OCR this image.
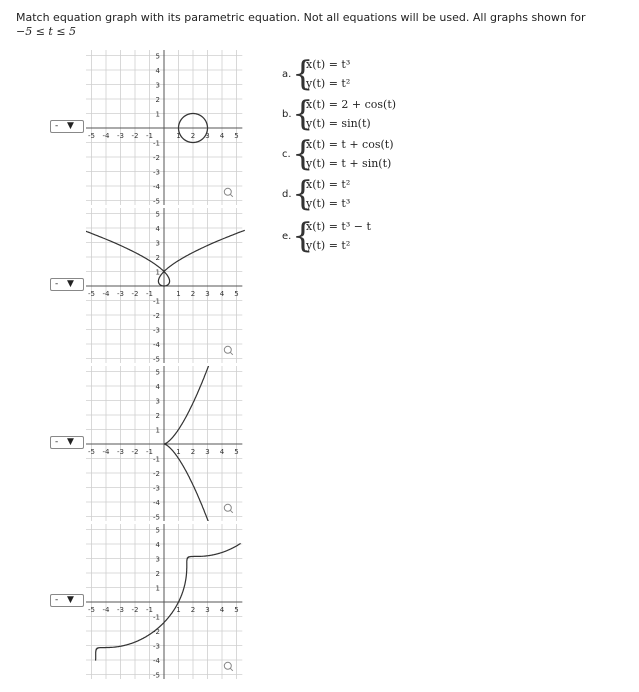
Match equation graph with its parametric equation. Not all equations will be used. All graphs shown for
−5 ≤ t ≤ 5
- ▼
-5 -4 -3 -2 -1	1 2 3 4 5
5
4
3
2
1
-1
-2
-3
-4
-5
- ▼
-5 -4 -3 -2 -1	1 2 3 4 5
5
4
3
2
1
-1
-2
-3
-4
-5
- ▼
-5 -4 -3 -2 -1	1 2 3 4 5
5
4
3
2
1
-1
-2
-3
-4
-5
- ▼
-5 -4 -3 -2 -1	1 2 3 4 5
5
4
3
2
1
-1
-2
-3
-4
-5
a. {
x(t) = t³
y(t) = t²
b. {
x(t) = 2 + cos(t)
y(t) = sin(t)
c. {
x(t) = t + cos(t)
y(t) = t + sin(t)
d. {
x(t) = t²
y(t) = t³
e. {
x(t) = t³ − t
y(t) = t²
